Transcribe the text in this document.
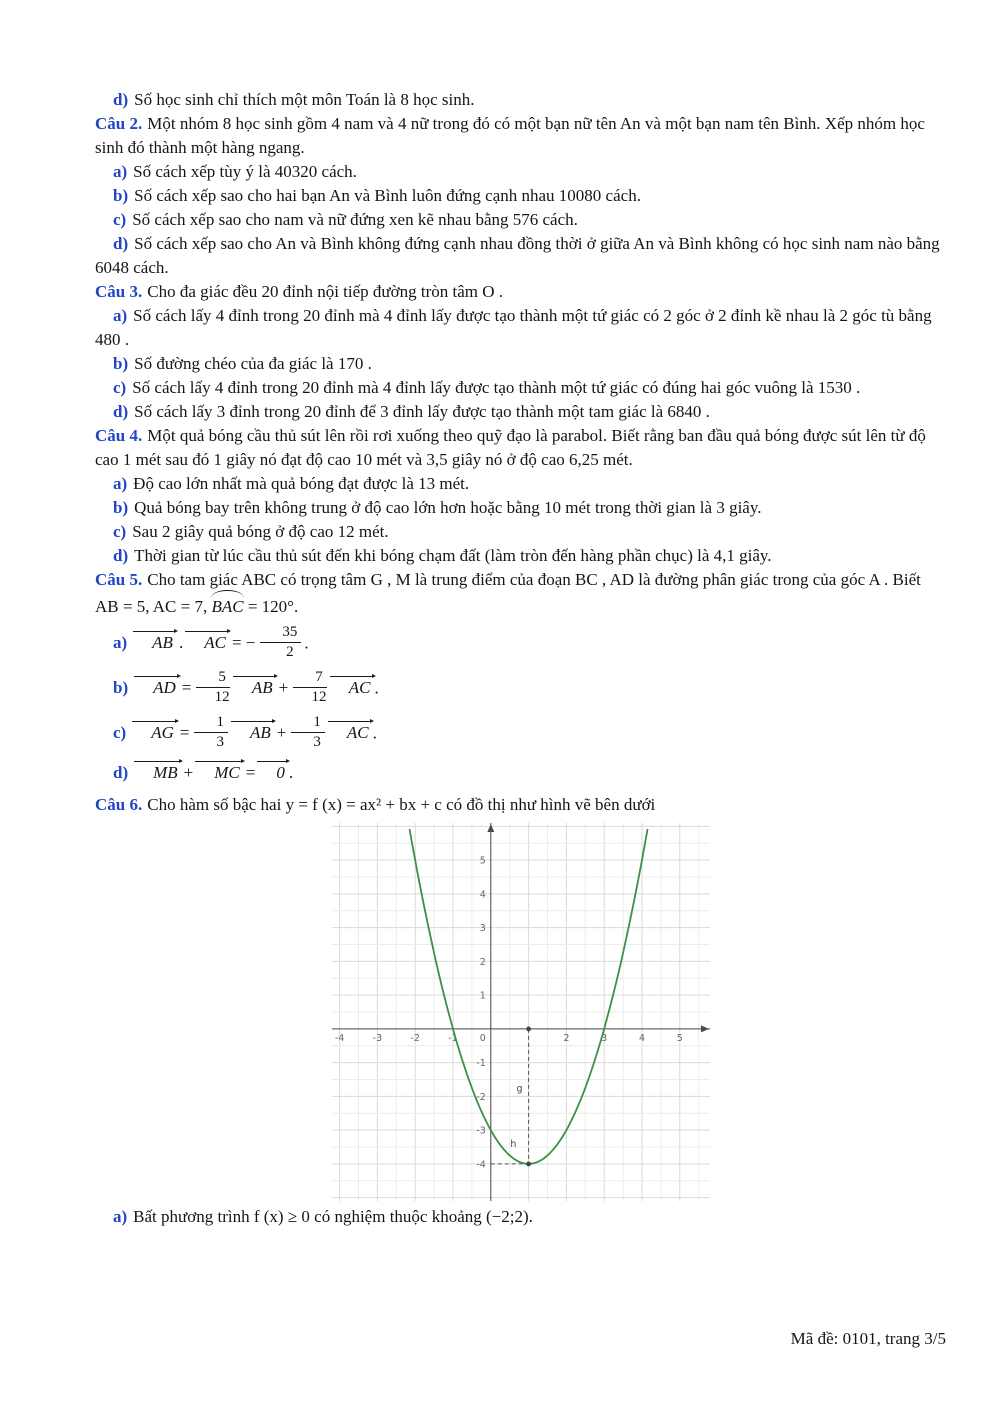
d) Số học sinh chỉ thích một môn Toán là 8 học sinh.

Câu 2. Một nhóm 8 học sinh gồm 4 nam và 4 nữ trong đó có một bạn nữ tên An và một bạn nam tên Bình. Xếp nhóm học sinh đó thành một hàng ngang.

a) Số cách xếp tùy ý là 40320 cách.

b) Số cách xếp sao cho hai bạn An và Bình luôn đứng cạnh nhau 10080 cách.

c) Số cách xếp sao cho nam và nữ đứng xen kẽ nhau bằng 576 cách.

d) Số cách xếp sao cho An và Bình không đứng cạnh nhau đồng thời ở giữa An và Bình không có học sinh nam nào bằng 6048 cách.

Câu 3. Cho đa giác đều 20 đỉnh nội tiếp đường tròn tâm O .

a) Số cách lấy 4 đỉnh trong 20 đỉnh mà 4 đỉnh lấy được tạo thành một tứ giác có 2 góc ở 2 đỉnh kề nhau là 2 góc tù bằng 480 .

b) Số đường chéo của đa giác là 170 .

c) Số cách lấy 4 đỉnh trong 20 đỉnh mà 4 đỉnh lấy được tạo thành một tứ giác có đúng hai góc vuông là 1530 .

d) Số cách lấy 3 đỉnh trong 20 đỉnh để 3 đỉnh lấy được tạo thành một tam giác là 6840 .

Câu 4. Một quả bóng cầu thủ sút lên rồi rơi xuống theo quỹ đạo là parabol. Biết rằng ban đầu quả bóng được sút lên từ độ cao 1 mét sau đó 1 giây nó đạt độ cao 10 mét và 3,5 giây nó ở độ cao 6,25 mét.

a) Độ cao lớn nhất mà quả bóng đạt được là 13 mét.

b) Quả bóng bay trên không trung ở độ cao lớn hơn hoặc bằng 10 mét trong thời gian là 3 giây.

c) Sau 2 giây quả bóng ở độ cao 12 mét.

d) Thời gian từ lúc cầu thủ sút đến khi bóng chạm đất (làm tròn đến hàng phần chục) là 4,1 giây.

Câu 5. Cho tam giác ABC có trọng tâm G , M là trung điểm của đoạn BC , AD là đường phân giác trong của góc A . Biết AB = 5, AC = 7, BAC = 120°.

a) AB . AC = − $\frac{35}{2}$ .

b) AD = $\frac{5}{12}$ AB + $\frac{7}{12}$ AC .

c) AG = $\frac{1}{3}$ AB + $\frac{1}{3}$ AC .

d) MB + MC = 0 .

Câu 6. Cho hàm số bậc hai y = f (x) = ax² + bx + c có đồ thị như hình vẽ bên dưới

-4	-3	-2	-1 0	2	3	4	5
-4
-3
-2
-1
1
2
3
4
5
g
h

a) Bất phương trình f (x) ≥ 0 có nghiệm thuộc khoảng (−2;2).

Mã đề: 0101, trang 3/5
